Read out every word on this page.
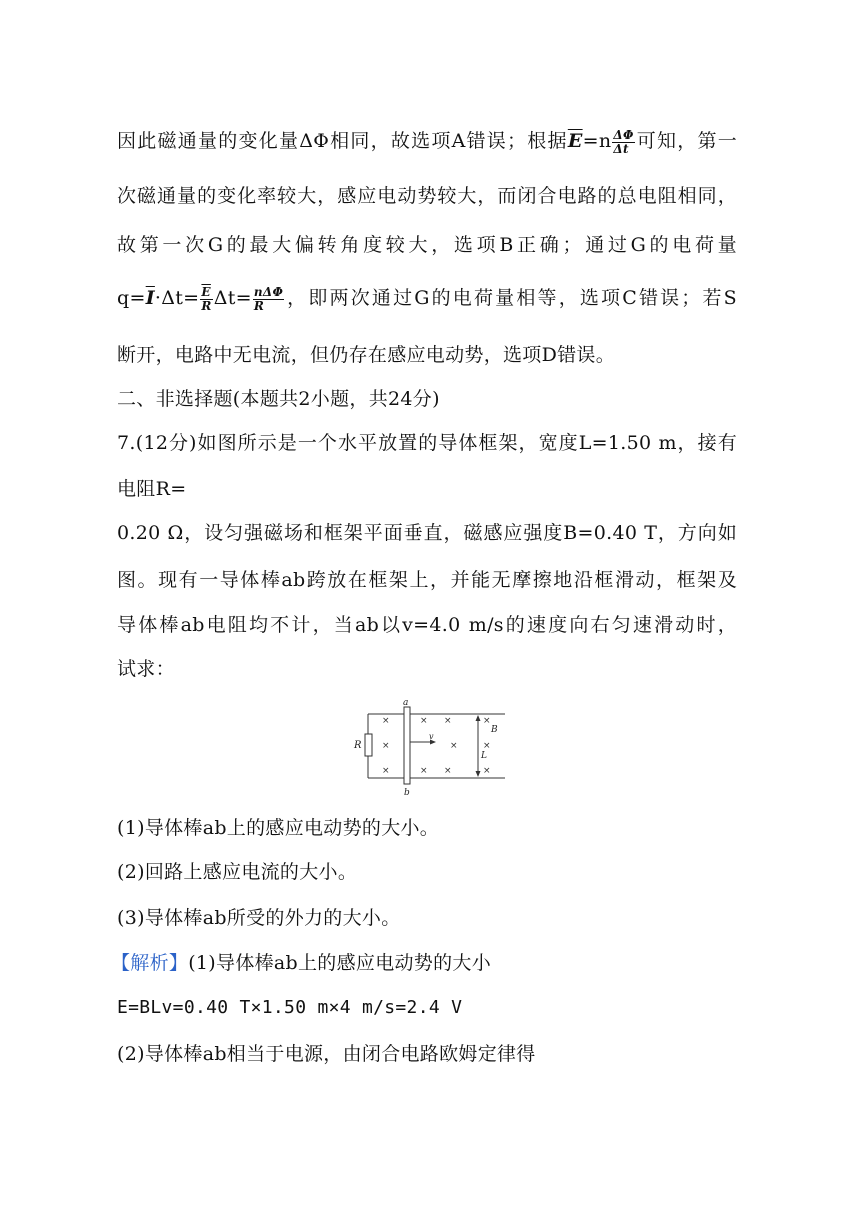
因此磁通量的变化量ΔΦ相同，故选项A错误；根据$\overline{E}=n \frac{\Delta\Phi}{\Delta t}$ 可知，第一
次磁通量的变化率较大，感应电动势较大，而闭合电路的总电阻相同，
故第一次G的最大偏转角度较大，选项B正确；通过G的电荷量
$q=\overline{I}\cdot\Delta t= \frac{\overline{E}}{R} \Delta t= \frac{\text{nΔΦ}}{R}$ ，即两次通过G的电荷量相等，选项C错误；若S
断开，电路中无电流，但仍存在感应电动势，选项D错误。
二、非选择题(本题共2小题，共24分)
7.(12分)如图所示是一个水平放置的导体框架，宽度L=1.50 m，接有
电阻R=
0.20 Ω，设匀强磁场和框架平面垂直，磁感应强度B=0.40 T，方向如
图。现有一导体棒ab跨放在框架上，并能无摩擦地沿框滑动，框架及
导体棒ab电阻均不计，当ab以v=4.0 m/s的速度向右匀速滑动时，
试求：
R
a
b
v
B
L
×
×
×
×
×
×
×
×
×
×
×
(1)导体棒ab上的感应电动势的大小。
(2)回路上感应电流的大小。
(3)导体棒ab所受的外力的大小。
【解析】(1)导体棒ab上的感应电动势的大小
E=BLv=0.40 T×1.50 m×4 m/s=2.4 V
(2)导体棒ab相当于电源，由闭合电路欧姆定律得
